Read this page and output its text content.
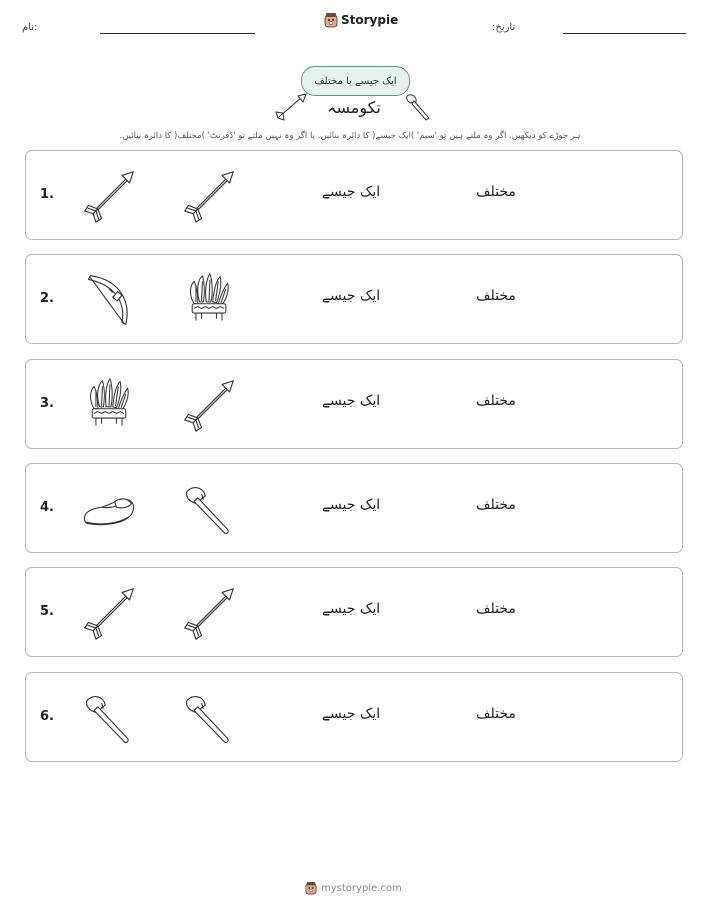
نام:
Storypie
تاریخ:
ایک جیسے یا مختلف
تکومسہ
ہر جوڑے کو دیکھیں. اگر وہ ملتے ہیں تو 'سیم' )ایک جیسے( کا دائرہ بنائیں. یا اگر وہ نہیں ملتے تو 'ڈفرنٹ' )مختلف( کا دائرہ بنائیں.
1.	ایک جیسے	مختلف
2.	ایک جیسے	مختلف
3.	ایک جیسے	مختلف
4.	ایک جیسے	مختلف
5.	ایک جیسے	مختلف
6.	ایک جیسے	مختلف
mystorypie.com
